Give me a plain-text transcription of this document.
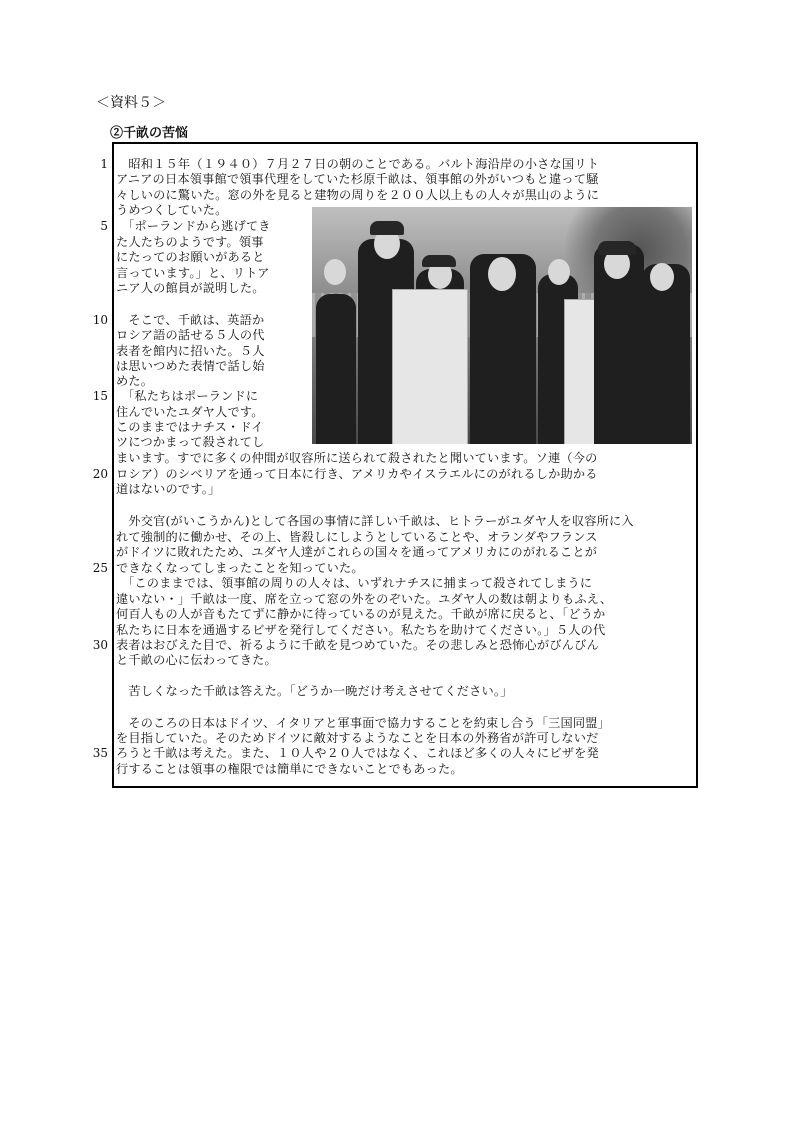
＜資料５＞
②千畝の苦悩
1
5
10
15
20
25
30
35
　昭和１５年（１９４０）７月２７日の朝のことである。バルト海沿岸の小さな国リト
アニアの日本領事館で領事代理をしていた杉原千畝は、領事館の外がいつもと違って騒
々しいのに驚いた。窓の外を見ると建物の周りを２００人以上もの人々が黒山のように
うめつくしていた。
「ポーランドから逃げてき
た人たちのようです。領事
にたってのお願いがあると
言っています。」と、リトア
ニア人の館員が説明した。
　そこで、千畝は、英語か
ロシア語の話せる５人の代
表者を館内に招いた。５人
は思いつめた表情で話し始
めた。
「私たちはポーランドに
住んでいたユダヤ人です。
このままではナチス・ドイ
ツにつかまって殺されてし
まいます。すでに多くの仲間が収容所に送られて殺されたと聞いています。ソ連（今の
ロシア）のシベリアを通って日本に行き、アメリカやイスラエルにのがれるしか助かる
道はないのです。」
　外交官(がいこうかん)として各国の事情に詳しい千畝は、ヒトラーがユダヤ人を収容所に入
れて強制的に働かせ、その上、皆殺しにしようとしていることや、オランダやフランス
がドイツに敗れたため、ユダヤ人達がこれらの国々を通ってアメリカにのがれることが
できなくなってしまったことを知っていた。
「このままでは、領事館の周りの人々は、いずれナチスに捕まって殺されてしまうに
違いない・」千畝は一度、席を立って窓の外をのぞいた。ユダヤ人の数は朝よりもふえ、
何百人もの人が音もたてずに静かに待っているのが見えた。千畝が席に戻ると、「どうか
私たちに日本を通過するビザを発行してください。私たちを助けてください。」５人の代
表者はおびえた目で、祈るように千畝を見つめていた。その悲しみと恐怖心がびんびん
と千畝の心に伝わってきた。
　苦しくなった千畝は答えた。「どうか一晩だけ考えさせてください。」
　そのころの日本はドイツ、イタリアと軍事面で協力することを約束し合う「三国同盟」
を目指していた。そのためドイツに敵対するようなことを日本の外務省が許可しないだ
ろうと千畝は考えた。また、１０人や２０人ではなく、これほど多くの人々にビザを発
行することは領事の権限では簡単にできないことでもあった。
